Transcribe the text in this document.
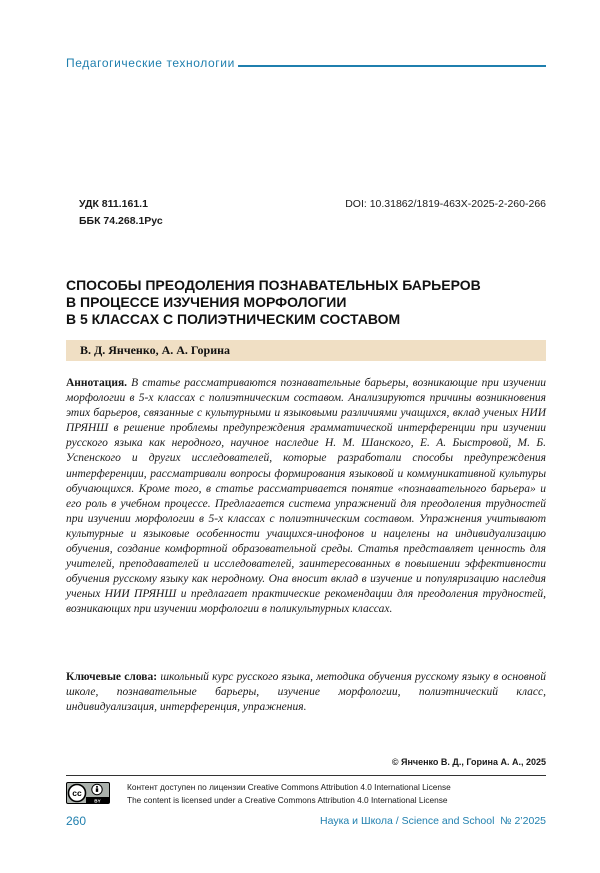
Педагогические технологии
УДК 811.161.1
ББК 74.268.1Рус
DOI: 10.31862/1819-463X-2025-2-260-266
СПОСОБЫ ПРЕОДОЛЕНИЯ ПОЗНАВАТЕЛЬНЫХ БАРЬЕРОВ
В ПРОЦЕССЕ ИЗУЧЕНИЯ МОРФОЛОГИИ
В 5 КЛАССАХ С ПОЛИЭТНИЧЕСКИМ СОСТАВОМ
В. Д. Янченко, А. А. Горина
Аннотация. В статье рассматриваются познавательные барьеры, возникающие при изучении морфологии в 5-х классах с полиэтническим составом. Анализируются причины возникновения этих барьеров, связанные с культурными и языковыми различиями учащихся, вклад ученых НИИ ПРЯНШ в решение проблемы предупреждения грамматической интерференции при изучении русского языка как неродного, научное наследие Н. М. Шанского, Е. А. Быстровой, М. Б. Успенского и других исследователей, которые разработали способы предупреждения интерференции, рассматривали вопросы формирования языковой и коммуникативной культуры обучающихся. Кроме того, в статье рассматривается понятие «познавательного барьера» и его роль в учебном процессе. Предлагается система упражнений для преодоления трудностей при изучении морфологии в 5-х классах с полиэтническим составом. Упражнения учитывают культурные и языковые особенности учащихся-инофонов и нацелены на индивидуализацию обучения, создание комфортной образовательной среды. Статья представляет ценность для учителей, преподавателей и исследователей, заинтересованных в повышении эффективности обучения русскому языку как неродному. Она вносит вклад в изучение и популяризацию наследия ученых НИИ ПРЯНШ и предлагает практические рекомендации для преодоления трудностей, возникающих при изучении морфологии в поликультурных классах.
Ключевые слова: школьный курс русского языка, методика обучения русскому языку в основной школе, познавательные барьеры, изучение морфологии, полиэтнический класс, индивидуализация, интерференция, упражнения.
© Янченко В. Д., Горина А. А., 2025
cc
BY
Контент доступен по лицензии Creative Commons Attribution 4.0 International License
The content is licensed under a Creative Commons Attribution 4.0 International License
260	Наука и Школа / Science and School № 2’2025
